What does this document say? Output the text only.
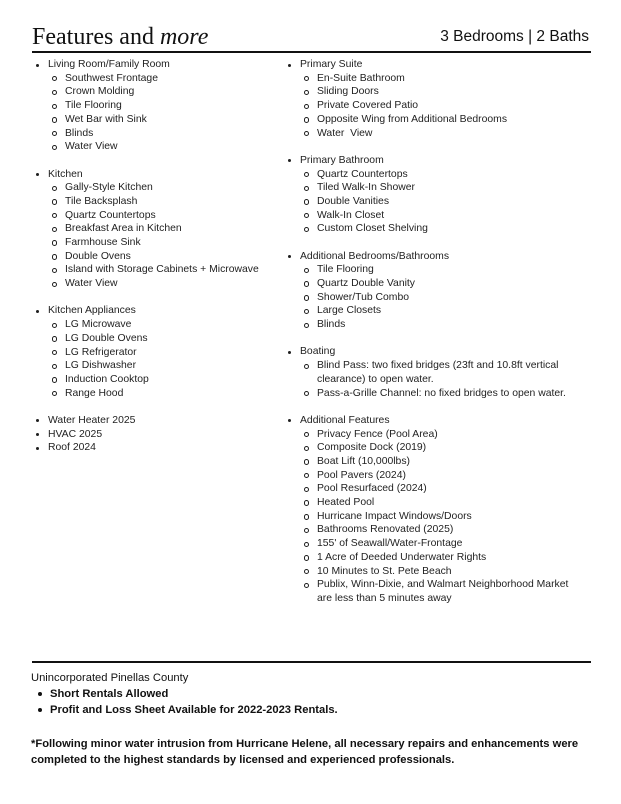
Features and more	3 Bedrooms | 2 Baths
Living Room/Family Room
Southwest Frontage
Crown Molding
Tile Flooring
Wet Bar with Sink
Blinds
Water View
Kitchen
Gally-Style Kitchen
Tile Backsplash
Quartz Countertops
Breakfast Area in Kitchen
Farmhouse Sink
Double Ovens
Island with Storage Cabinets + Microwave
Water View
Kitchen Appliances
LG Microwave
LG Double Ovens
LG Refrigerator
LG Dishwasher
Induction Cooktop
Range Hood
Water Heater 2025
HVAC 2025
Roof 2024
Primary Suite
En-Suite Bathroom
Sliding Doors
Private Covered Patio
Opposite Wing from Additional Bedrooms
Water  View
Primary Bathroom
Quartz Countertops
Tiled Walk-In Shower
Double Vanities
Walk-In Closet
Custom Closet Shelving
Additional Bedrooms/Bathrooms
Tile Flooring
Quartz Double Vanity
Shower/Tub Combo
Large Closets
Blinds
Boating
Blind Pass: two fixed bridges (23ft and 10.8ft vertical clearance) to open water.
Pass-a-Grille Channel: no fixed bridges to open water.
Additional Features
Privacy Fence (Pool Area)
Composite Dock (2019)
Boat Lift (10,000lbs)
Pool Pavers (2024)
Pool Resurfaced (2024)
Heated Pool
Hurricane Impact Windows/Doors
Bathrooms Renovated (2025)
155' of Seawall/Water-Frontage
1 Acre of Deeded Underwater Rights
10 Minutes to St. Pete Beach
Publix, Winn-Dixie, and Walmart Neighborhood Market are less than 5 minutes away
Unincorporated Pinellas County
Short Rentals Allowed
Profit and Loss Sheet Available for 2022-2023 Rentals.
*Following minor water intrusion from Hurricane Helene, all necessary repairs and enhancements were completed to the highest standards by licensed and experienced professionals.
